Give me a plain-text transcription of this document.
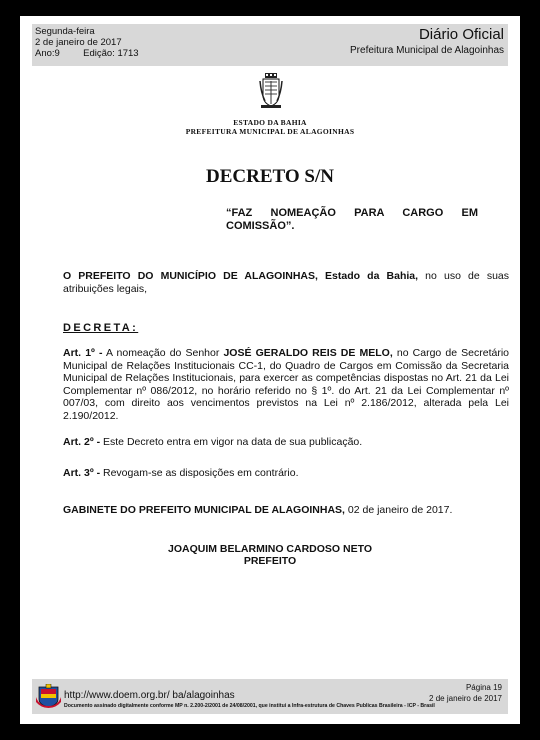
Segunda-feira
2 de janeiro de 2017
Ano:9 Edição: 1713
Diário Oficial
Prefeitura Municipal de Alagoinhas
ESTADO DA BAHIA
PREFEITURA MUNICIPAL DE ALAGOINHAS
DECRETO S/N
“FAZ NOMEAÇÃO PARA CARGO EM COMISSÃO”.
O PREFEITO DO MUNICÍPIO DE ALAGOINHAS, Estado da Bahia, no uso de suas atribuições legais,
DECRETA:
Art. 1º - A nomeação do Senhor JOSÉ GERALDO REIS DE MELO, no Cargo de Secretário Municipal de Relações Institucionais CC-1, do Quadro de Cargos em Comissão da Secretaria Municipal de Relações Institucionais, para exercer as competências dispostas no Art. 21 da Lei Complementar nº 086/2012, no horário referido no § 1º. do Art. 21 da Lei Complementar nº 007/03, com direito aos vencimentos previstos na Lei nº 2.186/2012, alterada pela Lei 2.190/2012.
Art. 2º - Este Decreto entra em vigor na data de sua publicação.
Art. 3º - Revogam-se as disposições em contrário.
GABINETE DO PREFEITO MUNICIPAL DE ALAGOINHAS, 02 de janeiro de 2017.
JOAQUIM BELARMINO CARDOSO NETO
PREFEITO
http://www.doem.org.br/ ba/alagoinhas
Página 19
2 de janeiro de 2017
Documento assinado digitalmente conforme MP n. 2.200-2/2001 de 24/08/2001, que institui a Infra-estrutura de Chaves Publicas Brasileira - ICP - Brasil
